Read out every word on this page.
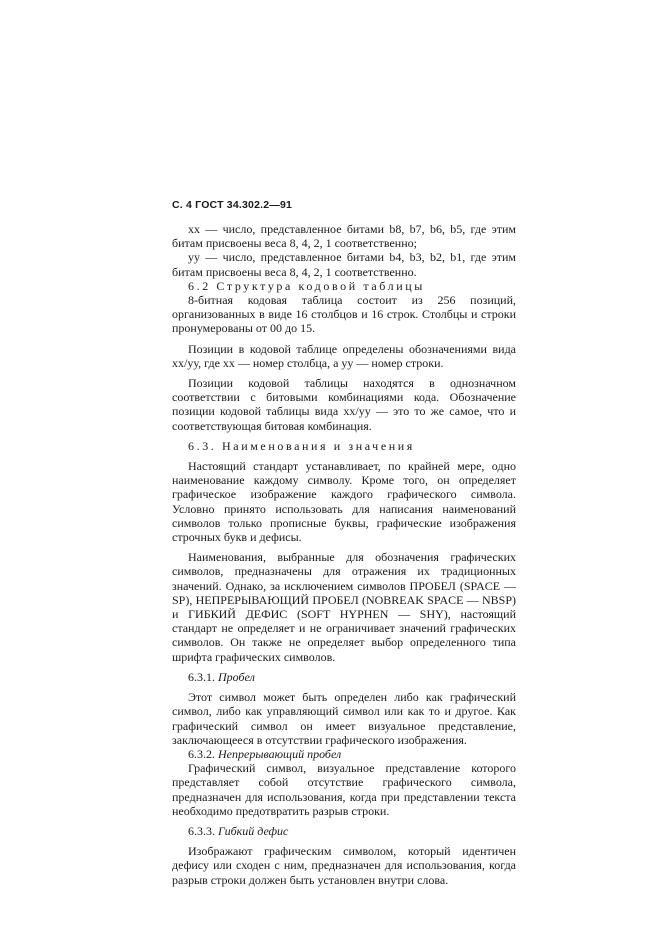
С. 4 ГОСТ 34.302.2—91

хх — число, представленное битами b8, b7, b6, b5, где этим битам присвоены веса 8, 4, 2, 1 соответственно;

уу — число, представленное битами b4, b3, b2, b1, где этим битам присвоены веса 8, 4, 2, 1 соответственно.

6.2 Структура кодовой таблицы

8-битная кодовая таблица состоит из 256 позиций, организованных в виде 16 столбцов и 16 строк. Столбцы и строки пронумерованы от 00 до 15.

Позиции в кодовой таблице определены обозначениями вида хх/уу, где хх — номер столбца, а уу — номер строки.

Позиции кодовой таблицы находятся в однозначном соответствии с битовыми комбинациями кода. Обозначение позиции кодовой таблицы вида хх/уу — это то же самое, что и соответствующая битовая комбинация.

6.3. Наименования и значения

Настоящий стандарт устанавливает, по крайней мере, одно наименование каждому символу. Кроме того, он определяет графическое изображение каждого графического символа. Условно принято использовать для написания наименований символов только прописные буквы, графические изображения строчных букв и дефисы.

Наименования, выбранные для обозначения графических символов, предназначены для отражения их традиционных значений. Однако, за исключением символов ПРОБЕЛ (SPACE — SP), НЕПРЕРЫВАЮЩИЙ ПРОБЕЛ (NOBREAK SPACE — NBSP) и ГИБКИЙ ДЕФИС (SOFT HYPHEN — SHY), настоящий стандарт не определяет и не ограничивает значений графических символов. Он также не определяет выбор определенного типа шрифта графических символов.

6.3.1. Пробел

Этот символ может быть определен либо как графический символ, либо как управляющий символ или как то и другое. Как графический символ он имеет визуальное представление, заключающееся в отсутствии графического изображения.

6.3.2. Непрерывающий пробел

Графический символ, визуальное представление которого представляет собой отсутствие графического символа, предназначен для использования, когда при представлении текста необходимо предотвратить разрыв строки.

6.3.3. Гибкий дефис

Изображают графическим символом, который идентичен дефису или сходен с ним, предназначен для использования, когда разрыв строки должен быть установлен внутри слова.
